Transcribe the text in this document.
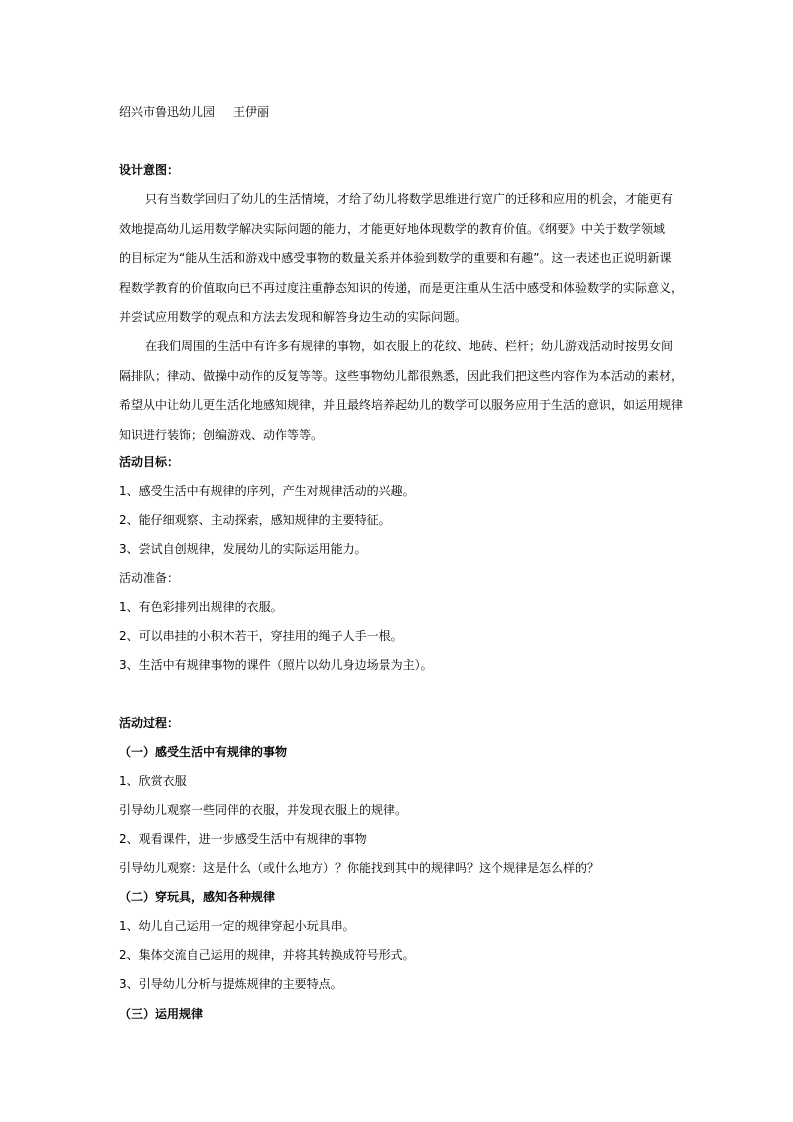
绍兴市鲁迅幼儿园 王伊丽
设计意图：
只有当数学回归了幼儿的生活情境，才给了幼儿将数学思维进行宽广的迁移和应用的机会，才能更有
效地提高幼儿运用数学解决实际问题的能力，才能更好地体现数学的教育价值。《纲要》中关于数学领域
的目标定为“能从生活和游戏中感受事物的数量关系并体验到数学的重要和有趣”。这一表述也正说明新课
程数学教育的价值取向已不再过度注重静态知识的传递，而是更注重从生活中感受和体验数学的实际意义，
并尝试应用数学的观点和方法去发现和解答身边生动的实际问题。
在我们周围的生活中有许多有规律的事物，如衣服上的花纹、地砖、栏杆；幼儿游戏活动时按男女间
隔排队；律动、做操中动作的反复等等。这些事物幼儿都很熟悉，因此我们把这些内容作为本活动的素材，
希望从中让幼儿更生活化地感知规律，并且最终培养起幼儿的数学可以服务应用于生活的意识，如运用规律
知识进行装饰；创编游戏、动作等等。
活动目标：
1、感受生活中有规律的序列，产生对规律活动的兴趣。
2、能仔细观察、主动探索，感知规律的主要特征。
3、尝试自创规律，发展幼儿的实际运用能力。
活动准备：
1、有色彩排列出规律的衣服。
2、可以串挂的小积木若干，穿挂用的绳子人手一根。
3、生活中有规律事物的课件（照片以幼儿身边场景为主）。
活动过程：
（一）感受生活中有规律的事物
1、欣赏衣服
引导幼儿观察一些同伴的衣服，并发现衣服上的规律。
2、观看课件，进一步感受生活中有规律的事物
引导幼儿观察：这是什么（或什么地方）？你能找到其中的规律吗？这个规律是怎么样的？
（二）穿玩具，感知各种规律
1、幼儿自己运用一定的规律穿起小玩具串。
2、集体交流自己运用的规律，并将其转换成符号形式。
3、引导幼儿分析与提炼规律的主要特点。
（三）运用规律
